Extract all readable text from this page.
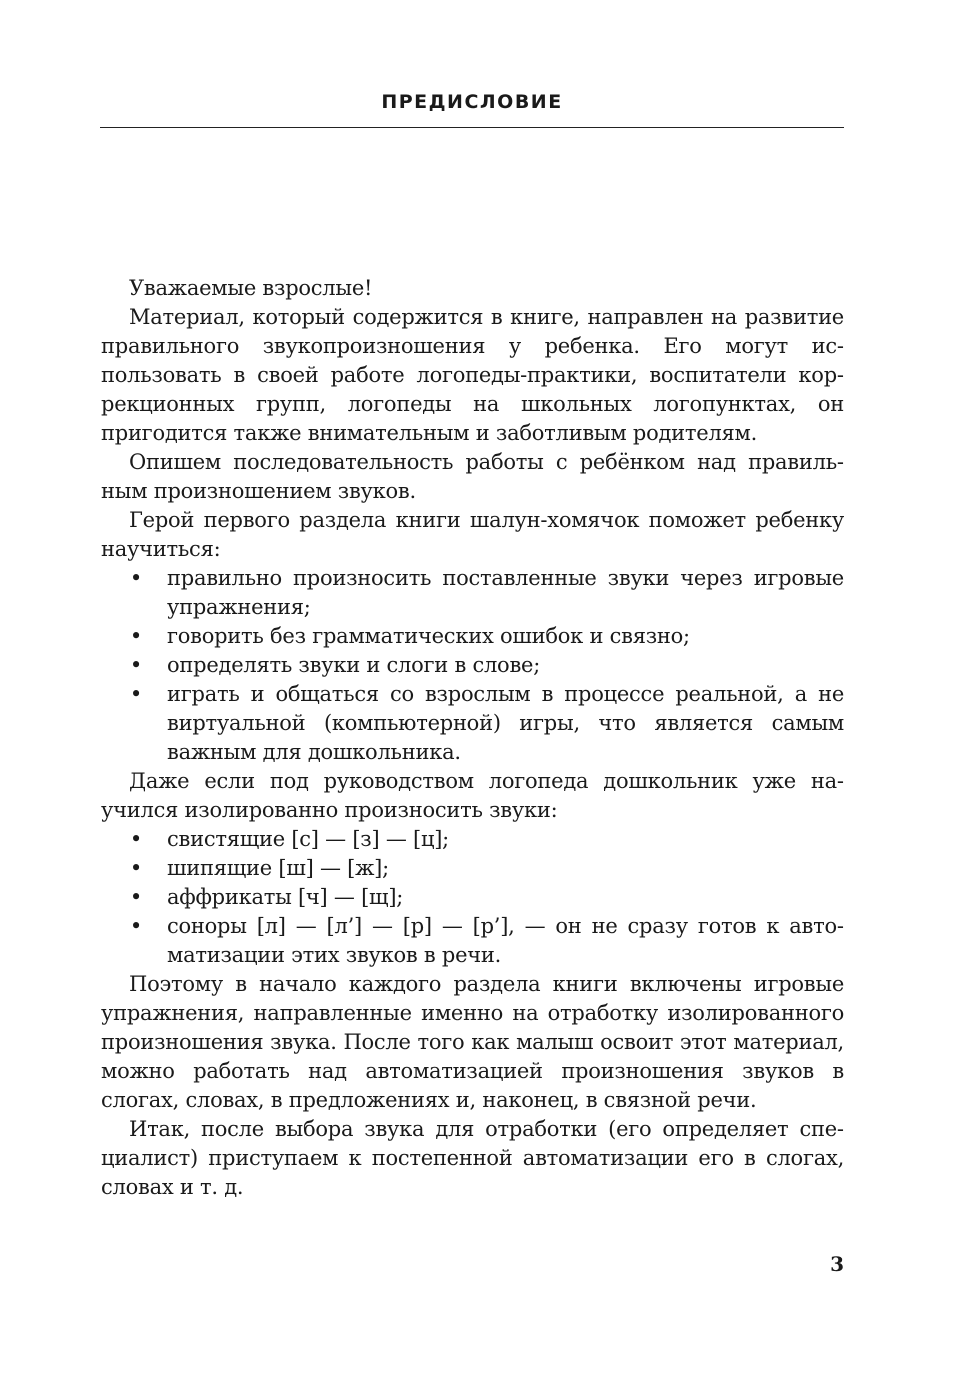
ПРЕДИСЛОВИЕ

Уважаемые взрослые!

Материал, который содержится в книге, направлен на развитие правильного звукопроизношения у ребенка. Его могут использовать в своей работе логопеды-практики, воспитатели коррекционных групп, логопеды на школьных логопунктах, он пригодится также внимательным и заботливым родителям.

Опишем последовательность работы с ребёнком над правильным произношением звуков.

Герой первого раздела книги шалун-хомячок поможет ребенку научиться:

• правильно произносить поставленные звуки через игровые упражнения;
• говорить без грамматических ошибок и связно;
• определять звуки и слоги в слове;
• играть и общаться со взрослым в процессе реальной, а не виртуальной (компьютерной) игры, что является самым важным для дошкольника.

Даже если под руководством логопеда дошкольник уже научился изолированно произносить звуки:

• свистящие [с] — [з] — [ц];
• шипящие [ш] — [ж];
• аффрикаты [ч] — [щ];
• соноры [л] — [л’] — [р] — [р’], — он не сразу готов к автоматизации этих звуков в речи.

Поэтому в начало каждого раздела книги включены игровые упражнения, направленные именно на отработку изолированного произношения звука. После того как малыш освоит этот материал, можно работать над автоматизацией произношения звуков в слогах, словах, в предложениях и, наконец, в связной речи.

Итак, после выбора звука для отработки (его определяет специалист) приступаем к постепенной автоматизации его в слогах, словах и т. д.

3
